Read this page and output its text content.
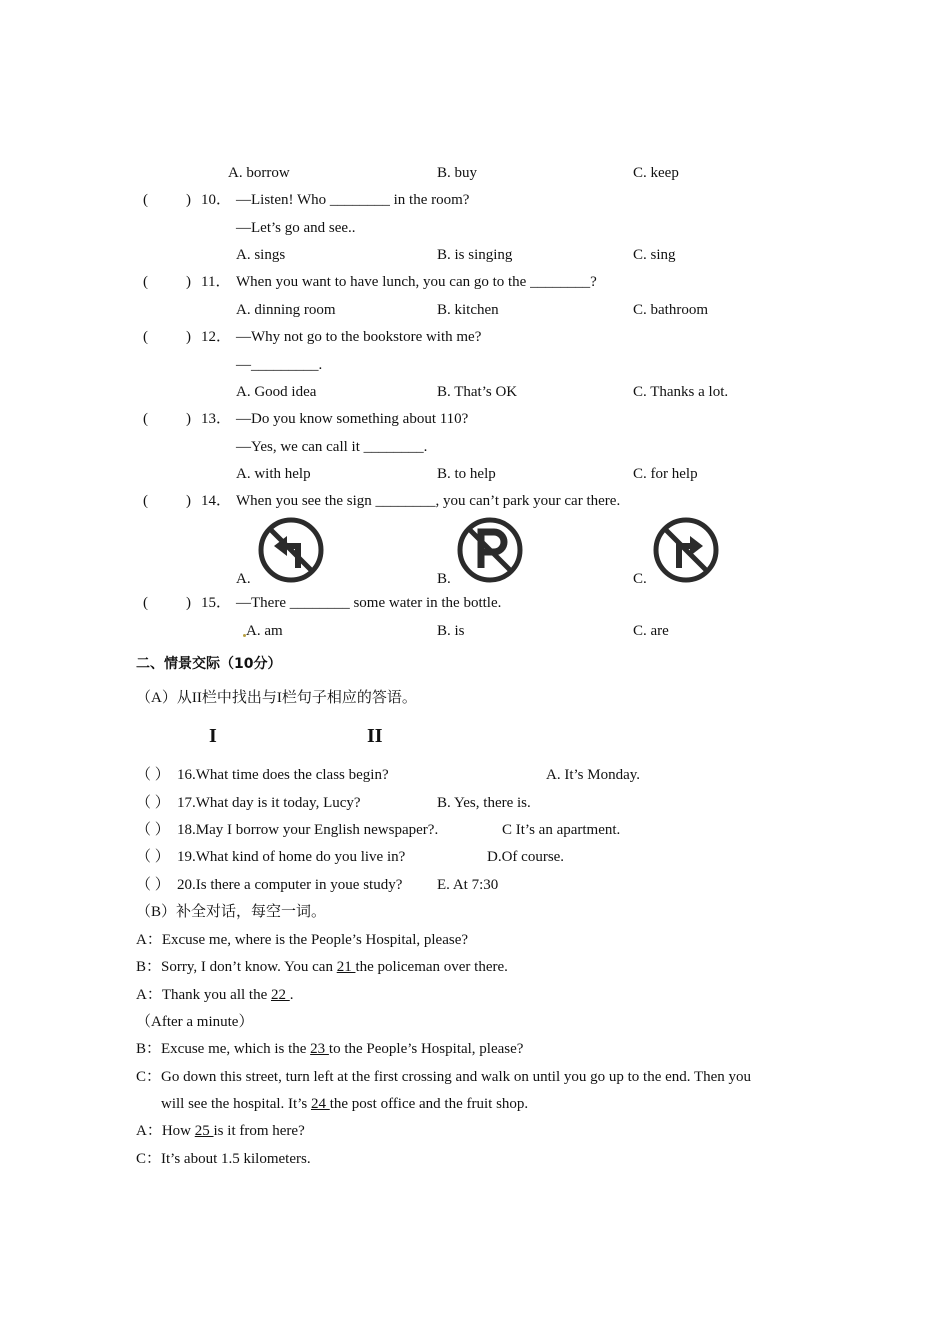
A. borrow	B. buy	C. keep
(	) 10． —Listen! Who ________ in the room?
—Let’s go and see..
A. sings	B. is singing	C. sing
(	) 11． When you want to have lunch, you can go to the ________?
A. dinning room	B. kitchen	C. bathroom
(	) 12． —Why not go to the bookstore with me?
—_________.
A. Good idea	B. That’s OK	C. Thanks a lot.
(	) 13． —Do you know something about 110?
—Yes, we can call it ________.
A. with help	B. to help	C. for help
(	) 14． When you see the sign ________, you can’t park your car there.
A.	B.	C.
(	) 15． —There ________ some water in the bottle.
A. am	B. is	C. are
二、情景交际（10分）
（A）从II栏中找出与I栏句子相应的答语。
I	II
（ ） 16.What time does the class begin?	A. It’s Monday.
（ ） 17.What day is it today, Lucy?	B. Yes, there is.
（ ） 18.May I borrow your English newspaper?.	C It’s an apartment.
（ ） 19.What kind of home do you live in?	D.Of course.
（ ） 20.Is there a computer in youe study? E. At 7:30
（B）补全对话，每空一词。
A：Excuse me, where is the People’s Hospital, please?
B：Sorry, I don’t know. You can 21 the policeman over there.
A：Thank you all the 22 .
（After a minute）
B：Excuse me, which is the 23 to the People’s Hospital, please?
C：Go down this street, turn left at the first crossing and walk on until you go up to the end. Then you
will see the hospital. It’s 24 the post office and the fruit shop.
A：How 25 is it from here?
C：It’s about 1.5 kilometers.
